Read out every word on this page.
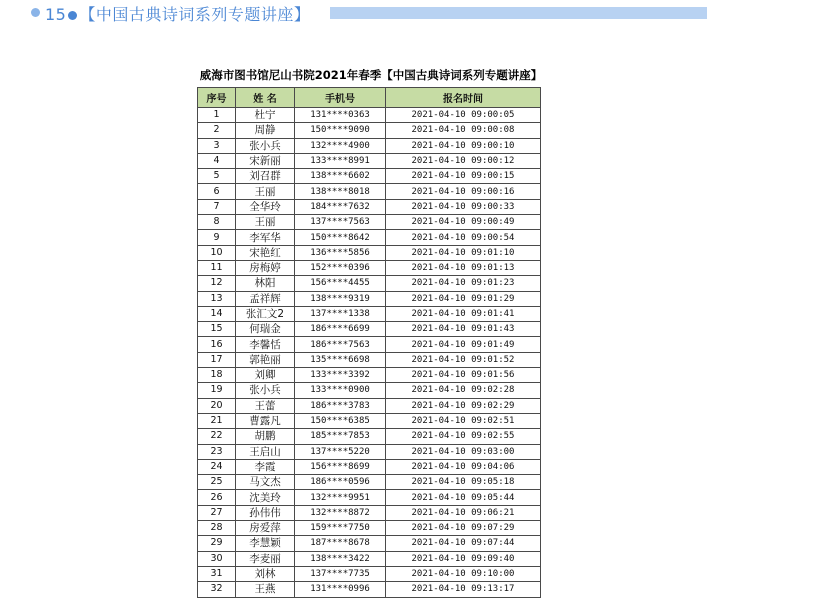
15 【中国古典诗词系列专题讲座】
威海市图书馆尼山书院2021年春季【中国古典诗词系列专题讲座】
序号	姓 名	手机号	报名时间
1	杜宁	131****0363	2021-04-10 09:00:05
2	周静	150****9090	2021-04-10 09:00:08
3	张小兵	132****4900	2021-04-10 09:00:10
4	宋新丽	133****8991	2021-04-10 09:00:12
5	刘召群	138****6602	2021-04-10 09:00:15
6	王丽	138****8018	2021-04-10 09:00:16
7	全华玲	184****7632	2021-04-10 09:00:33
8	王丽	137****7563	2021-04-10 09:00:49
9	李军华	150****8642	2021-04-10 09:00:54
10	宋艳红	136****5856	2021-04-10 09:01:10
11	房梅婷	152****0396	2021-04-10 09:01:13
12	林阳	156****4455	2021-04-10 09:01:23
13	孟祥辉	138****9319	2021-04-10 09:01:29
14	张汇文2	137****1338	2021-04-10 09:01:41
15	何瑞金	186****6699	2021-04-10 09:01:43
16	李馨恬	186****7563	2021-04-10 09:01:49
17	郭艳丽	135****6698	2021-04-10 09:01:52
18	刘卿	133****3392	2021-04-10 09:01:56
19	张小兵	133****0900	2021-04-10 09:02:28
20	王蕾	186****3783	2021-04-10 09:02:29
21	曹露凡	150****6385	2021-04-10 09:02:51
22	胡鹏	185****7853	2021-04-10 09:02:55
23	王启山	137****5220	2021-04-10 09:03:00
24	李霞	156****8699	2021-04-10 09:04:06
25	马文杰	186****0596	2021-04-10 09:05:18
26	沈美玲	132****9951	2021-04-10 09:05:44
27	孙伟伟	132****8872	2021-04-10 09:06:21
28	房爱萍	159****7750	2021-04-10 09:07:29
29	李慧颖	187****8678	2021-04-10 09:07:44
30	李麦丽	138****3422	2021-04-10 09:09:40
31	刘林	137****7735	2021-04-10 09:10:00
32	王燕	131****0996	2021-04-10 09:13:17
